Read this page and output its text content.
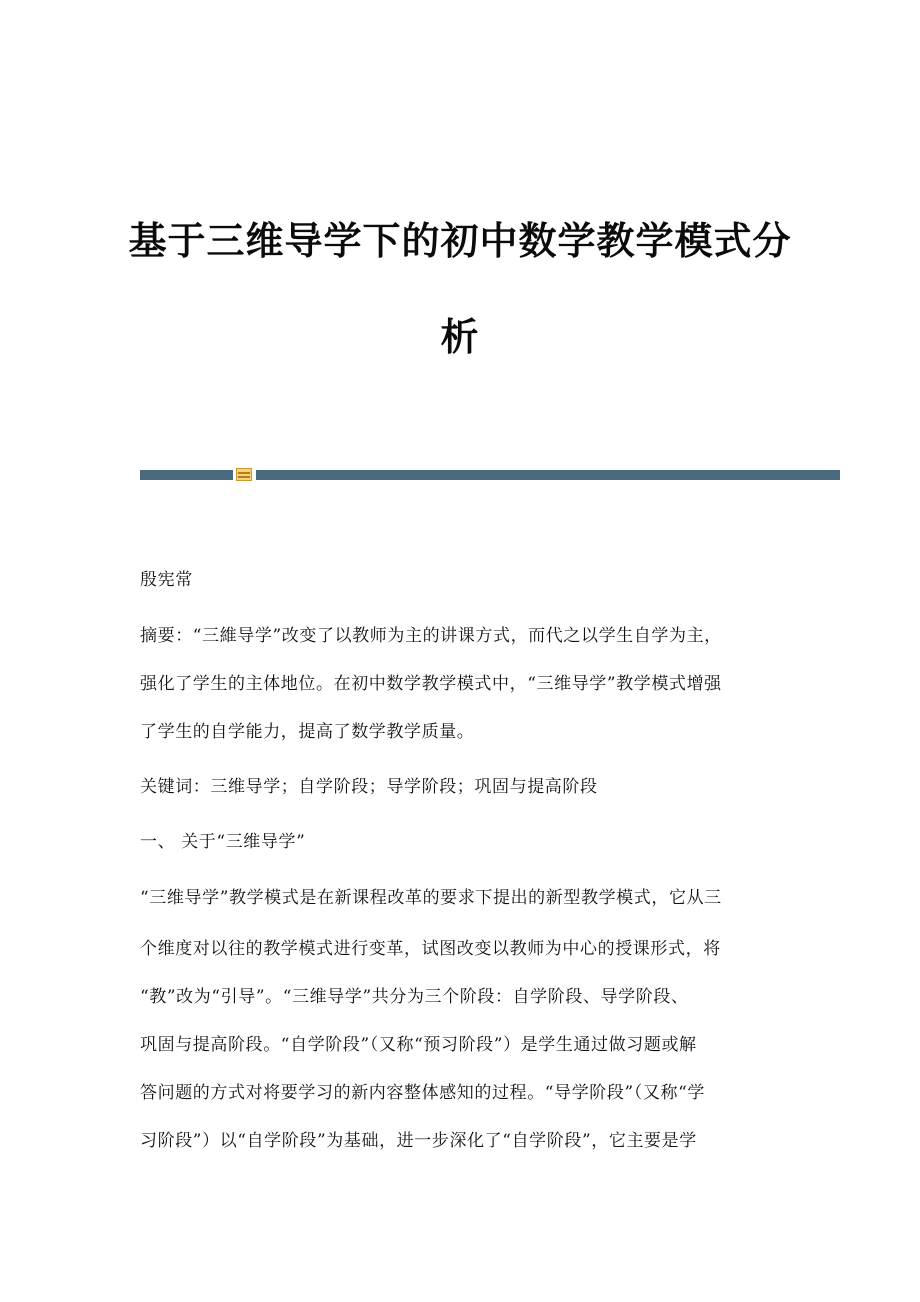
基于三维导学下的初中数学教学模式分
析
殷宪常
摘要：“三維导学”改变了以教师为主的讲课方式，而代之以学生自学为主，
强化了学生的主体地位。在初中数学教学模式中，“三维导学”教学模式增强
了学生的自学能力，提高了数学教学质量。
关键词：三维导学；自学阶段；导学阶段；巩固与提高阶段
一、 关于“三维导学”
“三维导学”教学模式是在新课程改革的要求下提出的新型教学模式，它从三
个维度对以往的教学模式进行变革，试图改变以教师为中心的授课形式，将
“教”改为“引导”。“三维导学”共分为三个阶段：自学阶段、导学阶段、
巩固与提高阶段。“自学阶段”（又称“预习阶段”）是学生通过做习题或解
答问题的方式对将要学习的新内容整体感知的过程。“导学阶段”（又称“学
习阶段”）以“自学阶段”为基础，进一步深化了“自学阶段”，它主要是学
